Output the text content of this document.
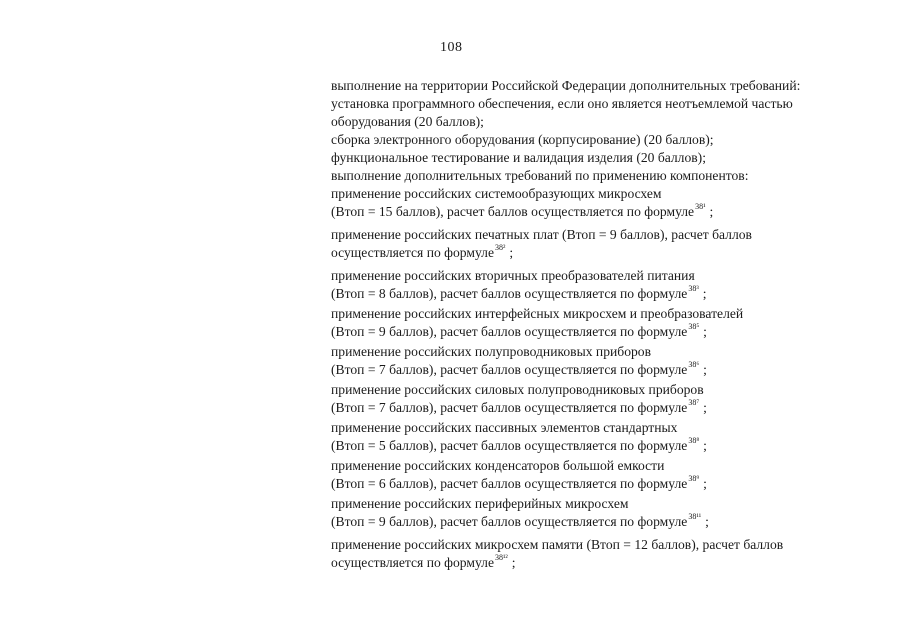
108
выполнение на территории Российской Федерации дополнительных требований:
установка программного обеспечения, если оно является неотъемлемой частью
оборудования (20 баллов);
сборка электронного оборудования (корпусирование) (20 баллов);
функциональное тестирование и валидация изделия (20 баллов);
выполнение дополнительных требований по применению компонентов:
применение российских системообразующих микросхем
(Втоп = 15 баллов), расчет баллов осуществляется по формуле$^{38^1}$ ;
применение российских печатных плат (Втоп = 9 баллов), расчет баллов
осуществляется по формуле$^{38^2}$ ;
применение российских вторичных преобразователей питания
(Втоп = 8 баллов), расчет баллов осуществляется по формуле$^{38^3}$ ;
применение российских интерфейсных микросхем и преобразователей
(Втоп = 9 баллов), расчет баллов осуществляется по формуле$^{38^5}$ ;
применение российских полупроводниковых приборов
(Втоп = 7 баллов), расчет баллов осуществляется по формуле$^{38^6}$ ;
применение российских силовых полупроводниковых приборов
(Втоп = 7 баллов), расчет баллов осуществляется по формуле$^{38^7}$ ;
применение российских пассивных элементов стандартных
(Втоп = 5 баллов), расчет баллов осуществляется по формуле$^{38^8}$ ;
применение российских конденсаторов большой емкости
(Втоп = 6 баллов), расчет баллов осуществляется по формуле$^{38^9}$ ;
применение российских периферийных микросхем
(Втоп = 9 баллов), расчет баллов осуществляется по формуле$^{38^{11}}$ ;
применение российских микросхем памяти (Втоп = 12 баллов), расчет баллов
осуществляется по формуле$^{38^{12}}$ ;
